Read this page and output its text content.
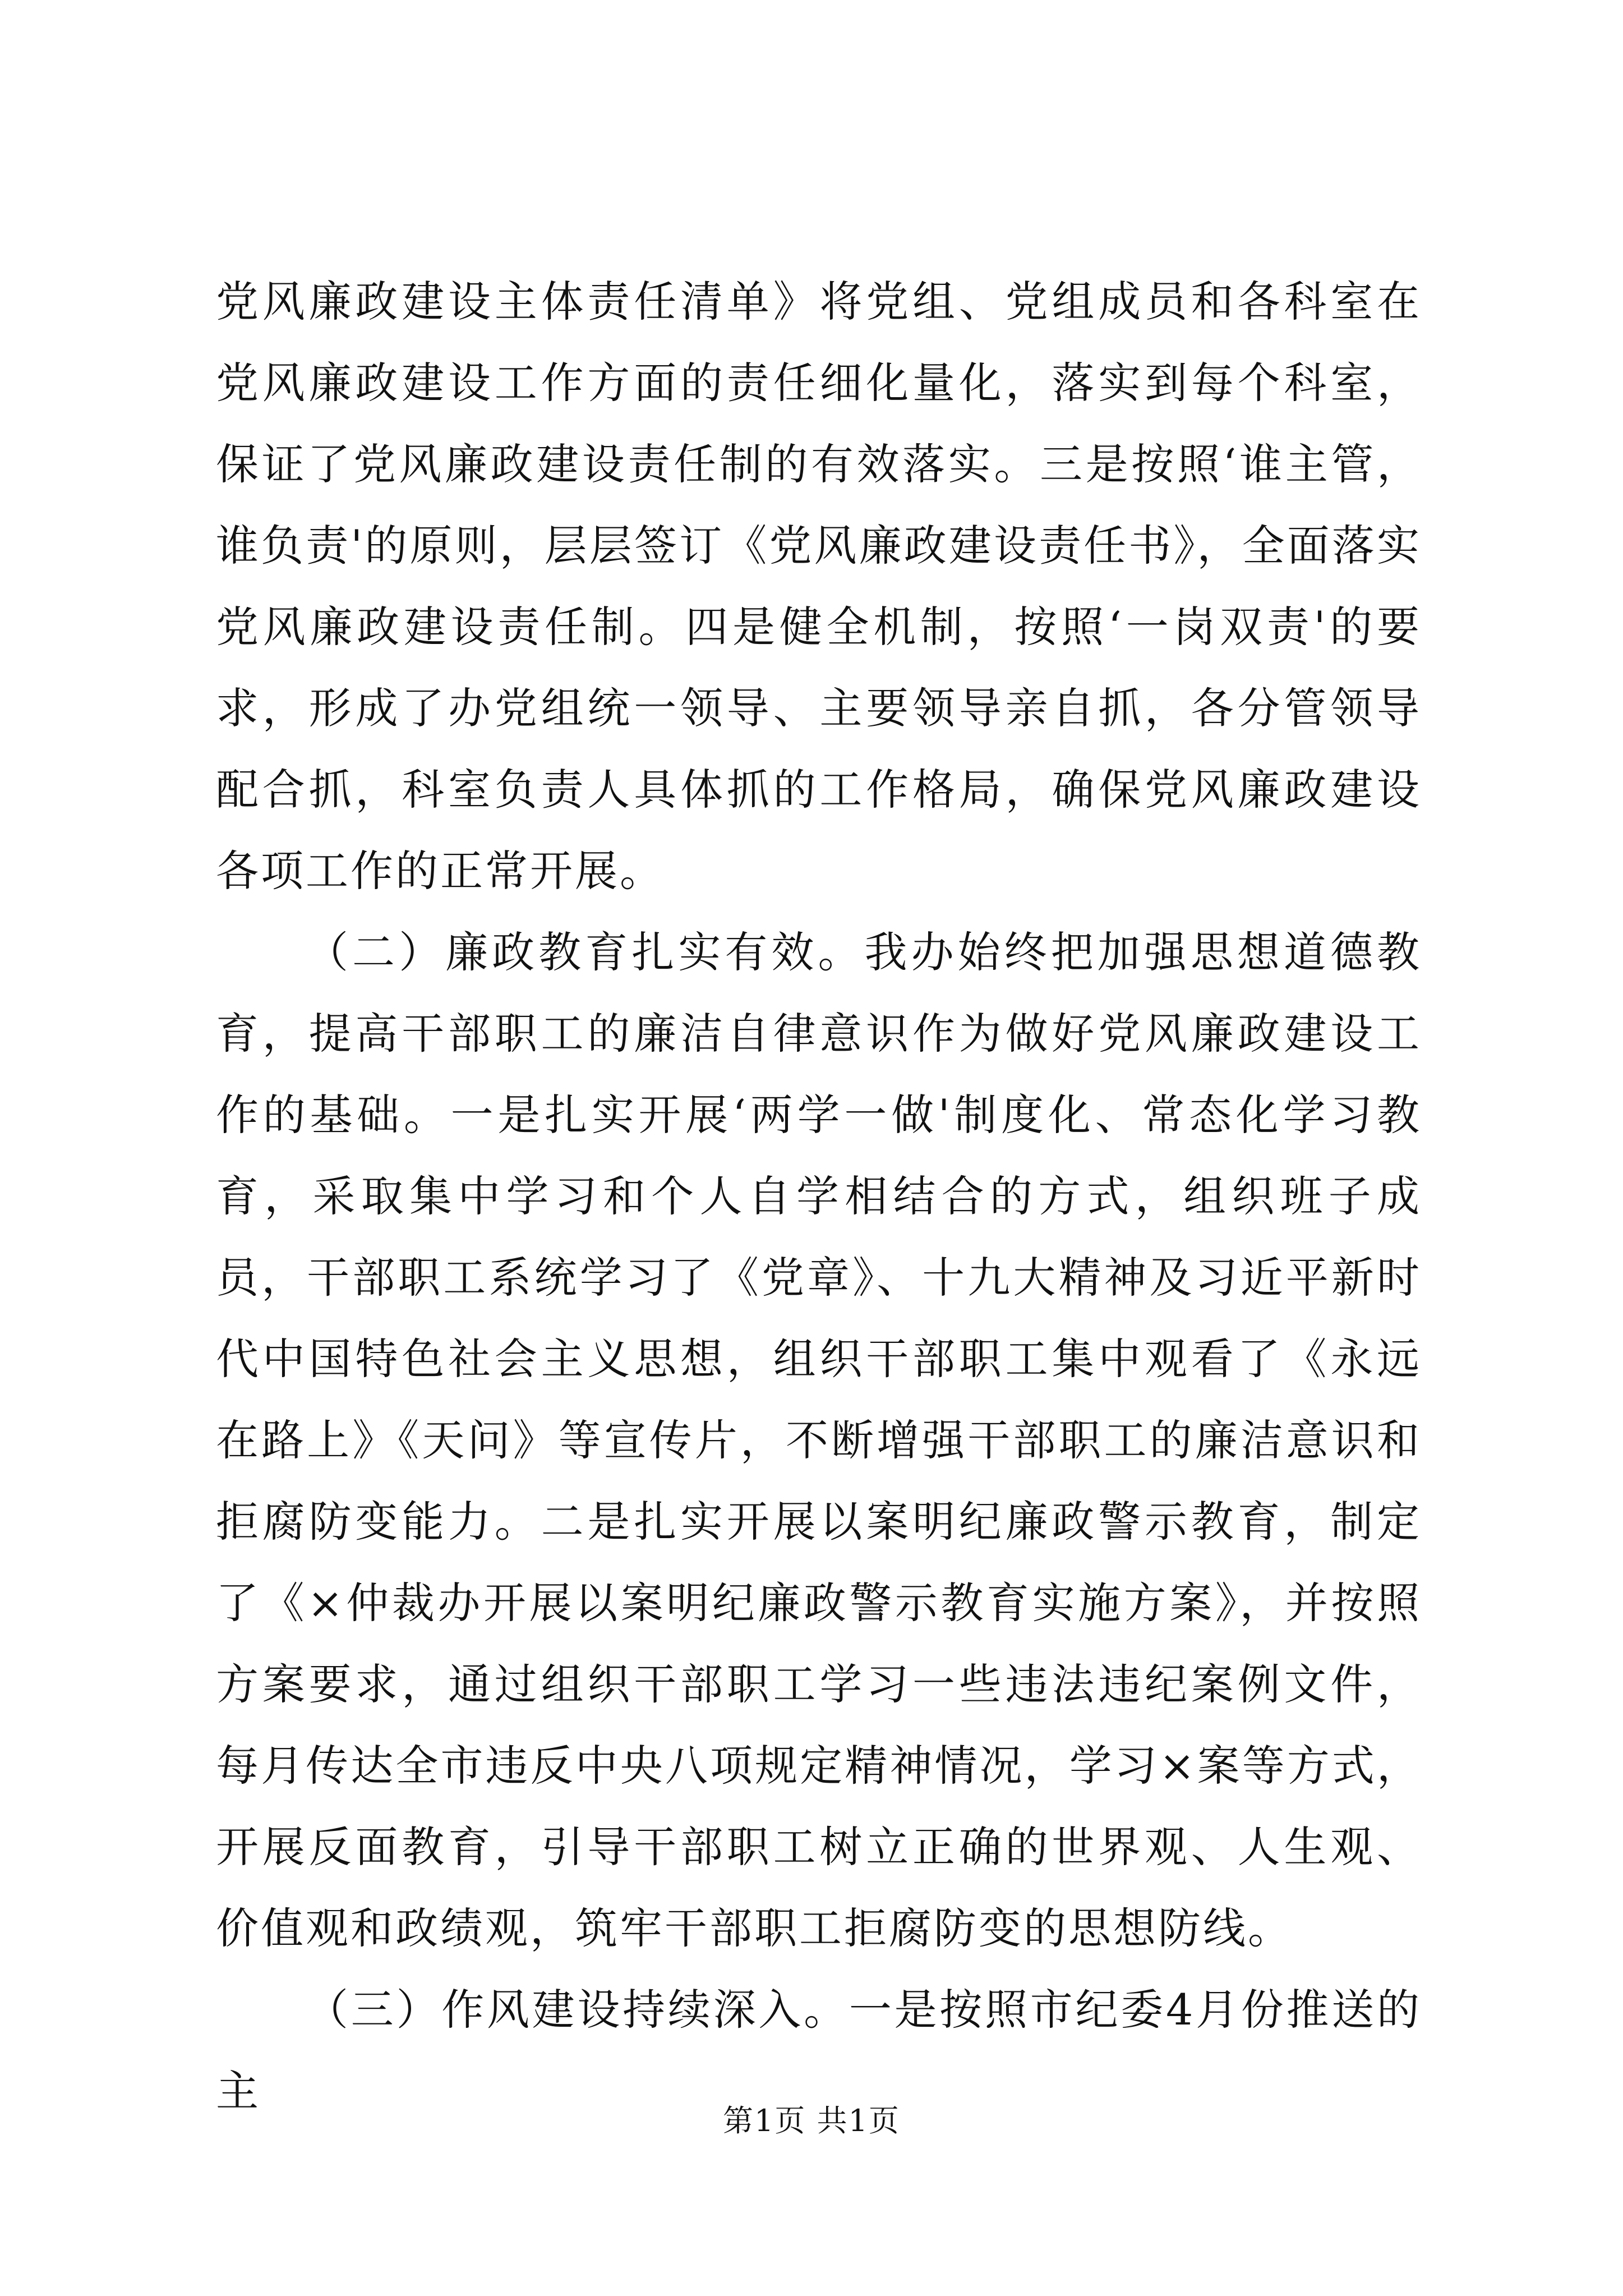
党风廉政建设主体责任清单》将党组、党组成员和各科室在党风廉政建设工作方面的责任细化量化，落实到每个科室，保证了党风廉政建设责任制的有效落实。三是按照‘谁主管，谁负责'的原则，层层签订《党风廉政建设责任书》，全面落实党风廉政建设责任制。四是健全机制，按照‘一岗双责'的要求，形成了办党组统一领导、主要领导亲自抓，各分管领导配合抓，科室负责人具体抓的工作格局，确保党风廉政建设各项工作的正常开展。

（二）廉政教育扎实有效。我办始终把加强思想道德教育，提高干部职工的廉洁自律意识作为做好党风廉政建设工作的基础。一是扎实开展‘两学一做'制度化、常态化学习教育，采取集中学习和个人自学相结合的方式，组织班子成员，干部职工系统学习了《党章》、十九大精神及习近平新时代中国特色社会主义思想，组织干部职工集中观看了《永远在路上》《天问》等宣传片，不断增强干部职工的廉洁意识和拒腐防变能力。二是扎实开展以案明纪廉政警示教育，制定了《×仲裁办开展以案明纪廉政警示教育实施方案》，并按照方案要求，通过组织干部职工学习一些违法违纪案例文件，每月传达全市违反中央八项规定精神情况，学习×案等方式，开展反面教育，引导干部职工树立正确的世界观、人生观、价值观和政绩观，筑牢干部职工拒腐防变的思想防线。

（三）作风建设持续深入。一是按照市纪委4月份推送的主

第1页 共1页
